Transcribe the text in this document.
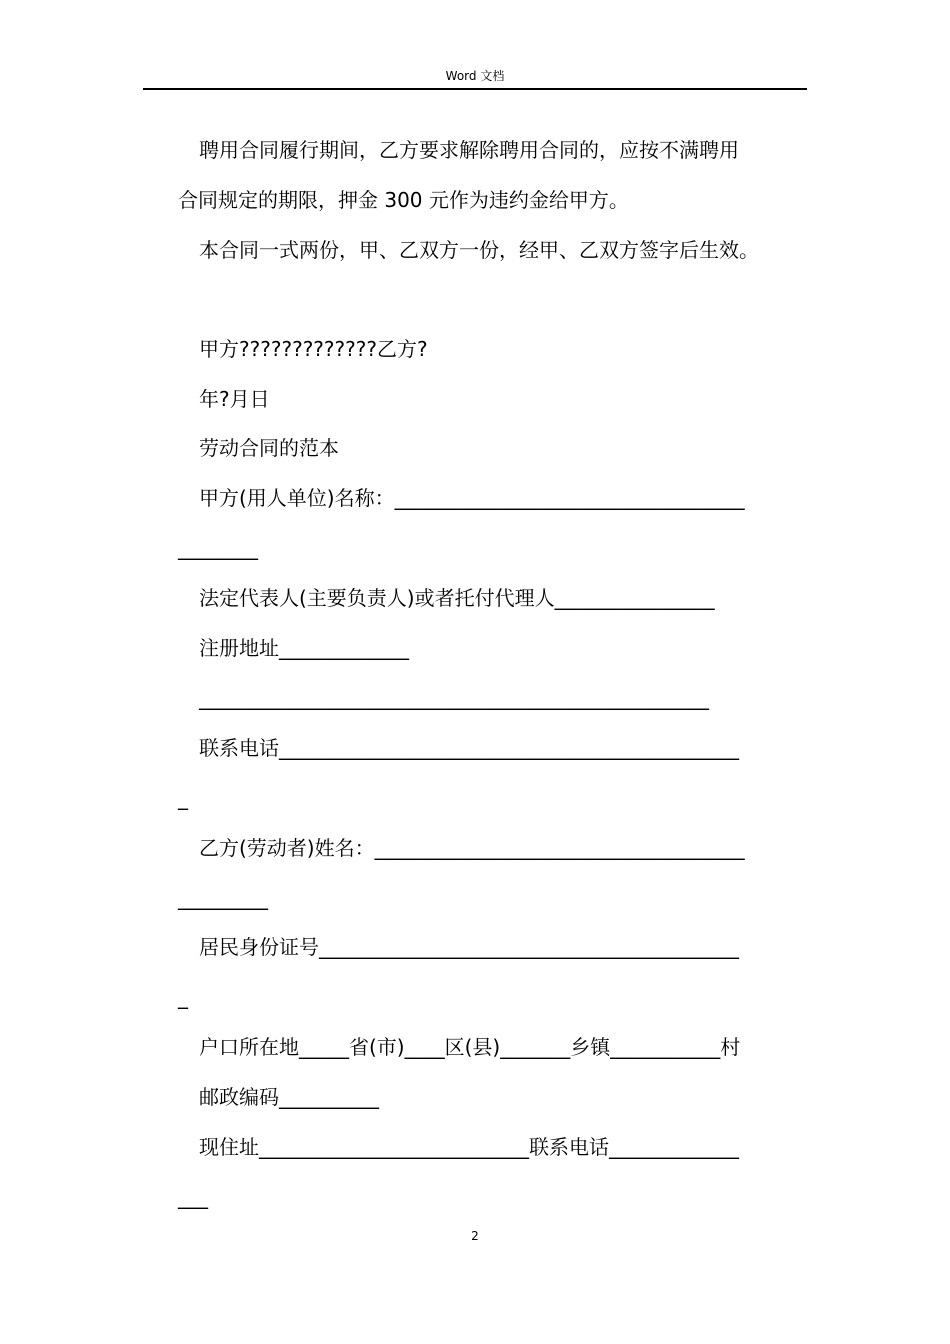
Word 文档
聘用合同履行期间，乙方要求解除聘用合同的，应按不满聘用
合同规定的期限，押金 300 元作为违约金给甲方。
本合同一式两份，甲、乙双方一份，经甲、乙双方签字后生效。
甲方?????????????乙方?
年?月日
劳动合同的范本
甲方(用人单位)名称：___________________________________
________
法定代表人(主要负责人)或者托付代理人________________
注册地址_____________
___________________________________________________
联系电话______________________________________________
_
乙方(劳动者)姓名：_____________________________________
_________
居民身份证号__________________________________________
_
户口所在地_____省(市)____区(县)_______乡镇___________村
邮政编码__________
现住址___________________________联系电话_____________
___
2
